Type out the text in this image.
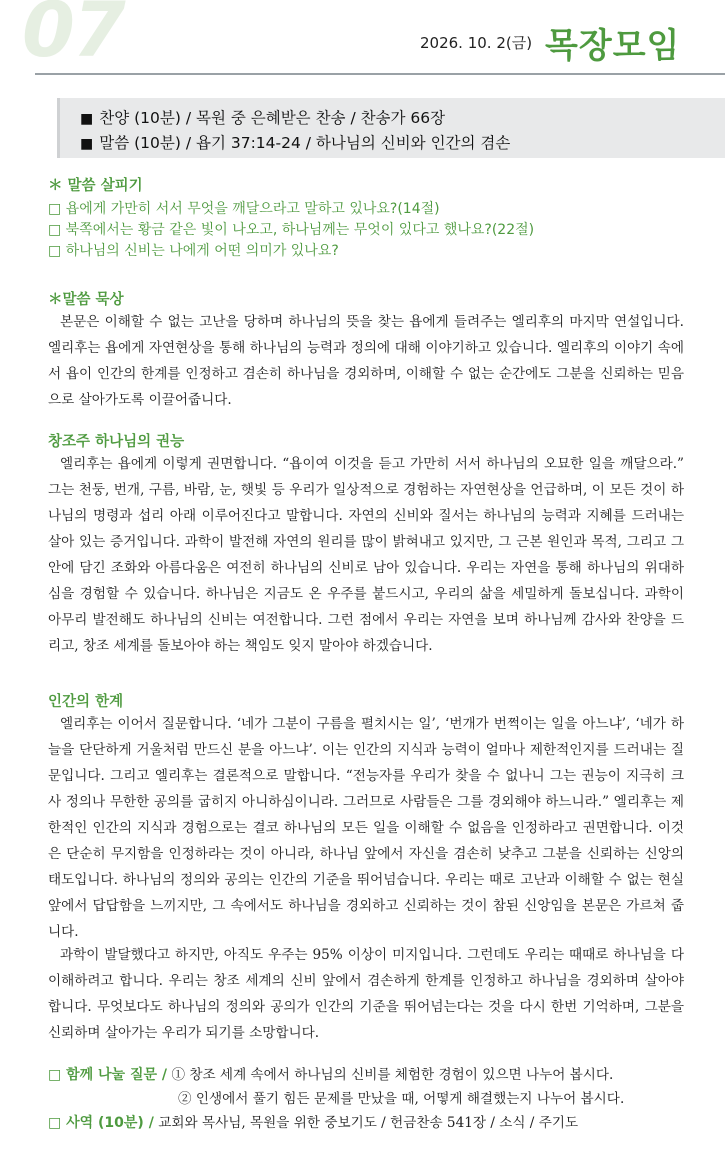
07	2026. 10. 2(금) 목장모임
■ 찬양 (10분) / 목원 중 은혜받은 찬송 / 찬송가 66장
■ 말씀 (10분) / 욥기 37:14-24 / 하나님의 신비와 인간의 겸손
＊ 말씀 살피기
□ 욥에게 가만히 서서 무엇을 깨달으라고 말하고 있나요?(14절)
□ 북쪽에서는 황금 같은 빛이 나오고, 하나님께는 무엇이 있다고 했나요?(22절)
□ 하나님의 신비는 나에게 어떤 의미가 있나요?
＊말씀 묵상

본문은 이해할 수 없는 고난을 당하며 하나님의 뜻을 찾는 욥에게 들려주는 엘리후의 마지막 연설입니다. 엘리후는 욥에게 자연현상을 통해 하나님의 능력과 정의에 대해 이야기하고 있습니다. 엘리후의 이야기 속에서 욥이 인간의 한계를 인정하고 겸손히 하나님을 경외하며, 이해할 수 없는 순간에도 그분을 신뢰하는 믿음으로 살아가도록 이끌어줍니다.

창조주 하나님의 권능

엘리후는 욥에게 이렇게 권면합니다. “욥이여 이것을 듣고 가만히 서서 하나님의 오묘한 일을 깨달으라.” 그는 천둥, 번개, 구름, 바람, 눈, 햇빛 등 우리가 일상적으로 경험하는 자연현상을 언급하며, 이 모든 것이 하나님의 명령과 섭리 아래 이루어진다고 말합니다. 자연의 신비와 질서는 하나님의 능력과 지혜를 드러내는 살아 있는 증거입니다. 과학이 발전해 자연의 원리를 많이 밝혀내고 있지만, 그 근본 원인과 목적, 그리고 그 안에 담긴 조화와 아름다움은 여전히 하나님의 신비로 남아 있습니다. 우리는 자연을 통해 하나님의 위대하심을 경험할 수 있습니다. 하나님은 지금도 온 우주를 붙드시고, 우리의 삶을 세밀하게 돌보십니다. 과학이 아무리 발전해도 하나님의 신비는 여전합니다. 그런 점에서 우리는 자연을 보며 하나님께 감사와 찬양을 드리고, 창조 세계를 돌보아야 하는 책임도 잊지 말아야 하겠습니다.

인간의 한계

엘리후는 이어서 질문합니다. ‘네가 그분이 구름을 펼치시는 일’, ‘번개가 번쩍이는 일을 아느냐’, ‘네가 하늘을 단단하게 거울처럼 만드신 분을 아느냐’. 이는 인간의 지식과 능력이 얼마나 제한적인지를 드러내는 질문입니다. 그리고 엘리후는 결론적으로 말합니다. “전능자를 우리가 찾을 수 없나니 그는 권능이 지극히 크사 정의나 무한한 공의를 굽히지 아니하심이니라. 그러므로 사람들은 그를 경외해야 하느니라.” 엘리후는 제한적인 인간의 지식과 경험으로는 결코 하나님의 모든 일을 이해할 수 없음을 인정하라고 권면합니다. 이것은 단순히 무지함을 인정하라는 것이 아니라, 하나님 앞에서 자신을 겸손히 낮추고 그분을 신뢰하는 신앙의 태도입니다. 하나님의 정의와 공의는 인간의 기준을 뛰어넘습니다. 우리는 때로 고난과 이해할 수 없는 현실 앞에서 답답함을 느끼지만, 그 속에서도 하나님을 경외하고 신뢰하는 것이 참된 신앙임을 본문은 가르쳐 줍니다.

과학이 발달했다고 하지만, 아직도 우주는 95% 이상이 미지입니다. 그런데도 우리는 때때로 하나님을 다 이해하려고 합니다. 우리는 창조 세계의 신비 앞에서 겸손하게 한계를 인정하고 하나님을 경외하며 살아야 합니다. 무엇보다도 하나님의 정의와 공의가 인간의 기준을 뛰어넘는다는 것을 다시 한번 기억하며, 그분을 신뢰하며 살아가는 우리가 되기를 소망합니다.

□ 함께 나눌 질문 / ① 창조 세계 속에서 하나님의 신비를 체험한 경험이 있으면 나누어 봅시다.
② 인생에서 풀기 힘든 문제를 만났을 때, 어떻게 해결했는지 나누어 봅시다.
□ 사역 (10분) / 교회와 목사님, 목원을 위한 중보기도 / 헌금찬송 541장 / 소식 / 주기도
